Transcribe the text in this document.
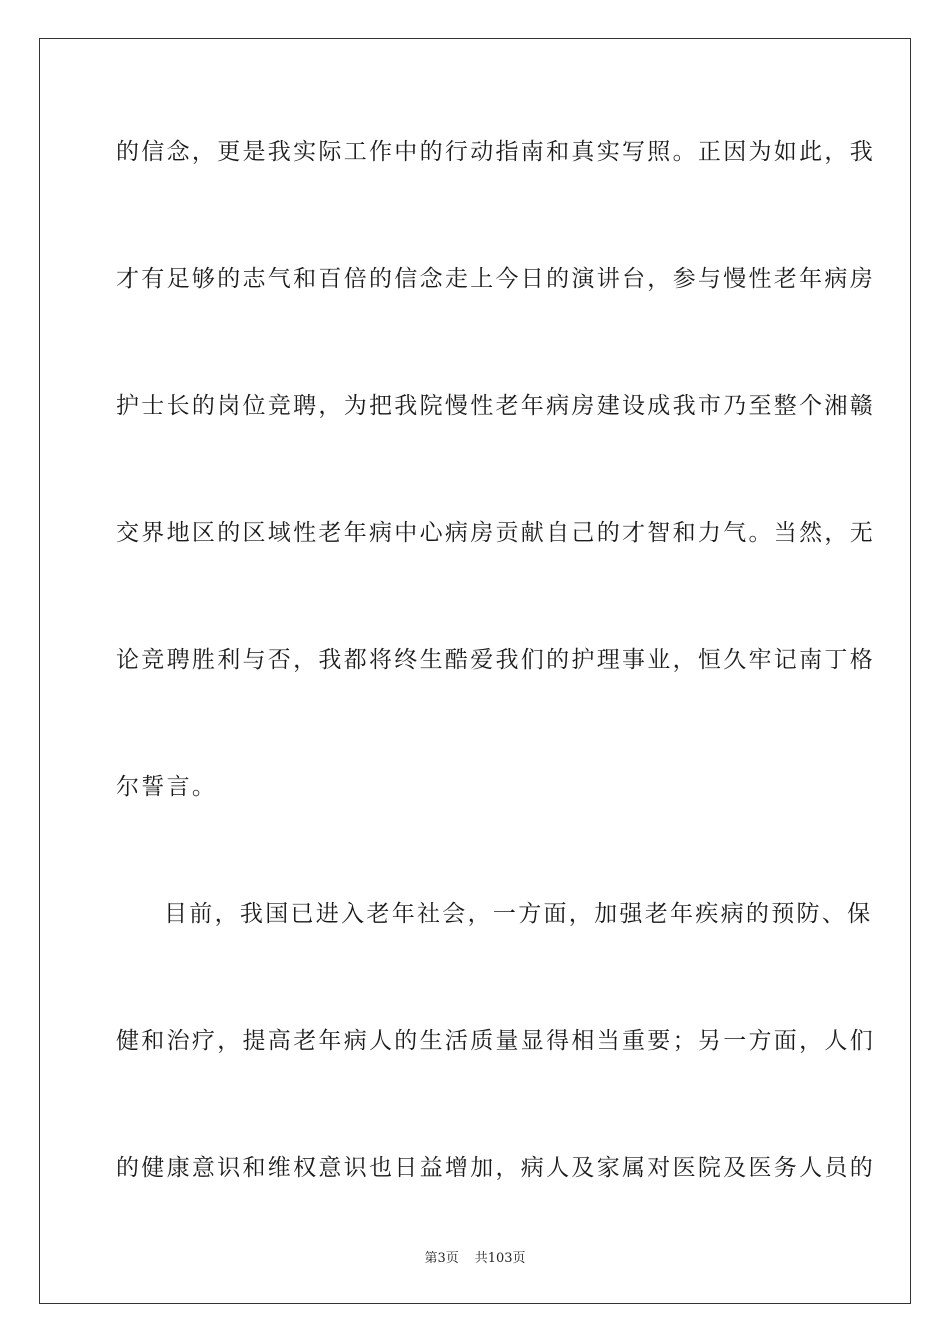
的信念，更是我实际工作中的行动指南和真实写照。正因为如此，我
才有足够的志气和百倍的信念走上今日的演讲台，参与慢性老年病房
护士长的岗位竞聘，为把我院慢性老年病房建设成我市乃至整个湘赣
交界地区的区域性老年病中心病房贡献自己的才智和力气。当然，无
论竞聘胜利与否，我都将终生酷爱我们的护理事业，恒久牢记南丁格
尔誓言。
目前，我国已进入老年社会，一方面，加强老年疾病的预防、保
健和治疗，提高老年病人的生活质量显得相当重要；另一方面，人们
的健康意识和维权意识也日益增加，病人及家属对医院及医务人员的
第3页 共103页
